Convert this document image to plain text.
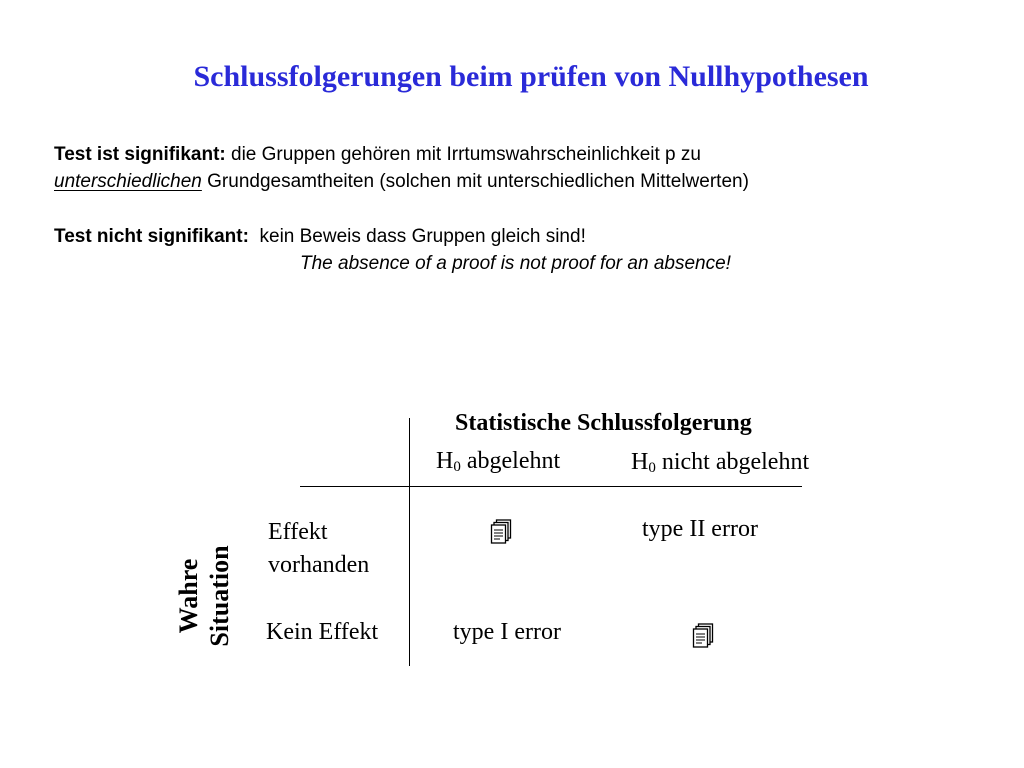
Schlussfolgerungen beim prüfen von Nullhypothesen
Test ist signifikant: die Gruppen gehören mit Irrtumswahrscheinlichkeit p zu
unterschiedlichen Grundgesamtheiten (solchen mit unterschiedlichen Mittelwerten)
Test nicht signifikant: kein Beweis dass Gruppen gleich sind!
The absence of a proof is not proof for an absence!
Statistische Schlussfolgerung
$H_0$ abgelehnt	$H_0$ nicht abgelehnt
Wahre
Situation
Effekt
vorhanden
type II error
Kein Effekt	type I error
